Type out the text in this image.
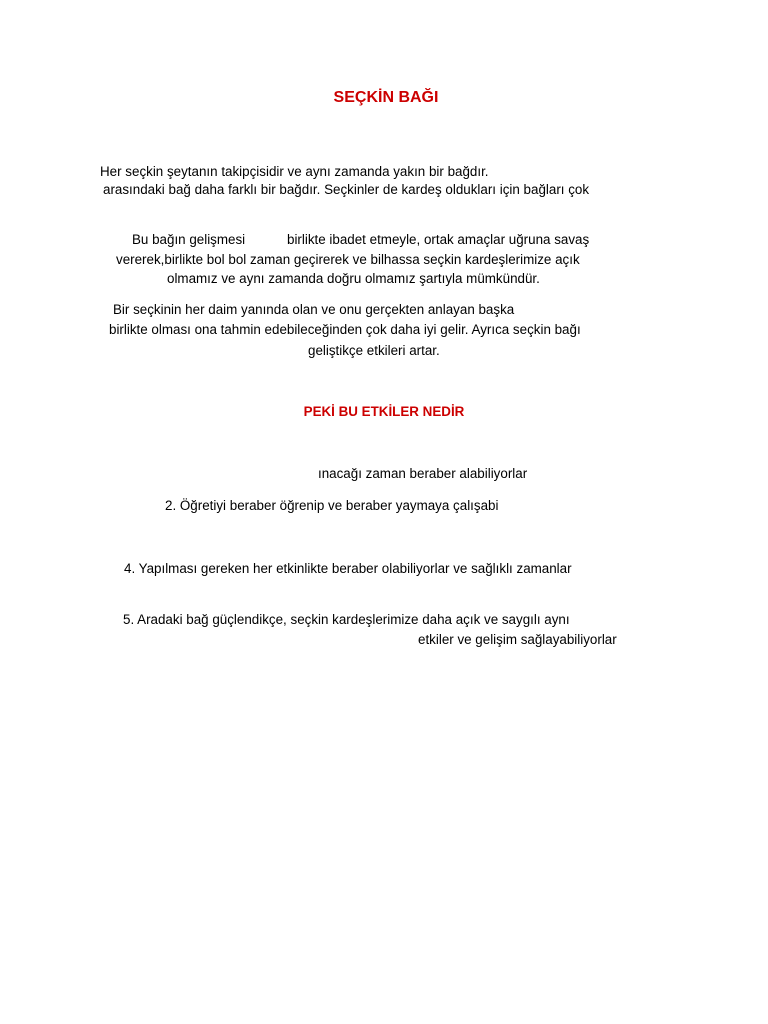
SEÇKİN BAĞI
Her seçkin şeytanın takipçisidir ve aynı zamanda yakın bir bağdır.
arasındaki bağ daha farklı bir bağdır. Seçkinler de kardeş oldukları için bağları çok
Bu bağın gelişmesi	birlikte ibadet etmeyle, ortak amaçlar uğruna savaş
vererek,birlikte bol bol zaman geçirerek ve bilhassa seçkin kardeşlerimize açık
olmamız ve aynı zamanda doğru olmamız şartıyla mümkündür.
Bir seçkinin her daim yanında olan ve onu gerçekten anlayan başka
birlikte olması ona tahmin edebileceğinden çok daha iyi gelir. Ayrıca seçkin bağı
geliştikçe etkileri artar.
PEKİ BU ETKİLER NEDİR
ınacağı zaman beraber alabiliyorlar
2. Öğretiyi beraber öğrenip ve beraber yaymaya çalışabi
4. Yapılması gereken her etkinlikte beraber olabiliyorlar ve sağlıklı zamanlar
5. Aradaki bağ güçlendikçe, seçkin kardeşlerimize daha açık ve saygılı aynı
etkiler ve gelişim sağlayabiliyorlar
